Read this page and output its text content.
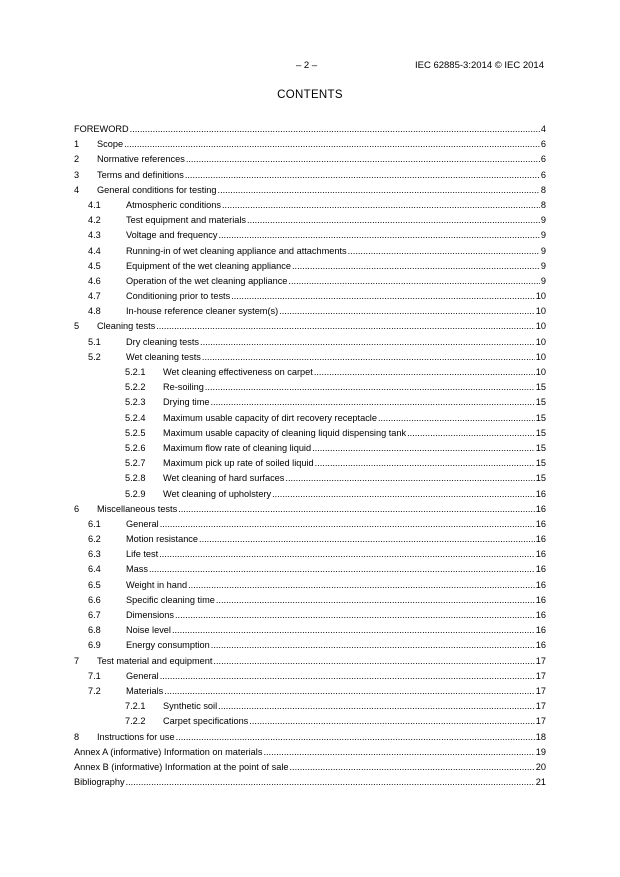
– 2 –	IEC 62885-3:2014 © IEC 2014
CONTENTS
FOREWORD .....	4
1 Scope .....	6
2 Normative references .....	6
3 Terms and definitions .....	6
4 General conditions for testing .....	8
4.1	Atmospheric conditions .....	8
4.2	Test equipment and materials .....	9
4.3	Voltage and frequency .....	9
4.4	Running-in of wet cleaning appliance and attachments .....	9
4.5	Equipment of the wet cleaning appliance .....	9
4.6	Operation of the wet cleaning appliance .....	9
4.7	Conditioning prior to tests .....	10
4.8	In-house reference cleaner system(s) .....	10
5 Cleaning tests .....	10
5.1	Dry cleaning tests .....	10
5.2	Wet cleaning tests .....	10
5.2.1 Wet cleaning effectiveness on carpet .....	10
5.2.2 Re-soiling .....	15
5.2.3 Drying time .....	15
5.2.4 Maximum usable capacity of dirt recovery receptacle .....	15
5.2.5 Maximum usable capacity of cleaning liquid dispensing tank .....	15
5.2.6 Maximum flow rate of cleaning liquid .....	15
5.2.7 Maximum pick up rate of soiled liquid .....	15
5.2.8 Wet cleaning of hard surfaces .....	15
5.2.9 Wet cleaning of upholstery .....	16
6 Miscellaneous tests .....	16
6.1	General .....	16
6.2	Motion resistance .....	16
6.3	Life test .....	16
6.4	Mass .....	16
6.5	Weight in hand .....	16
6.6	Specific cleaning time .....	16
6.7	Dimensions .....	16
6.8	Noise level .....	16
6.9	Energy consumption .....	16
7 Test material and equipment .....	17
7.1	General .....	17
7.2	Materials .....	17
7.2.1 Synthetic soil .....	17
7.2.2 Carpet specifications .....	17
8 Instructions for use .....	18
Annex A (informative) Information on materials .....	19
Annex B (informative) Information at the point of sale .....	20
Bibliography .....	21
